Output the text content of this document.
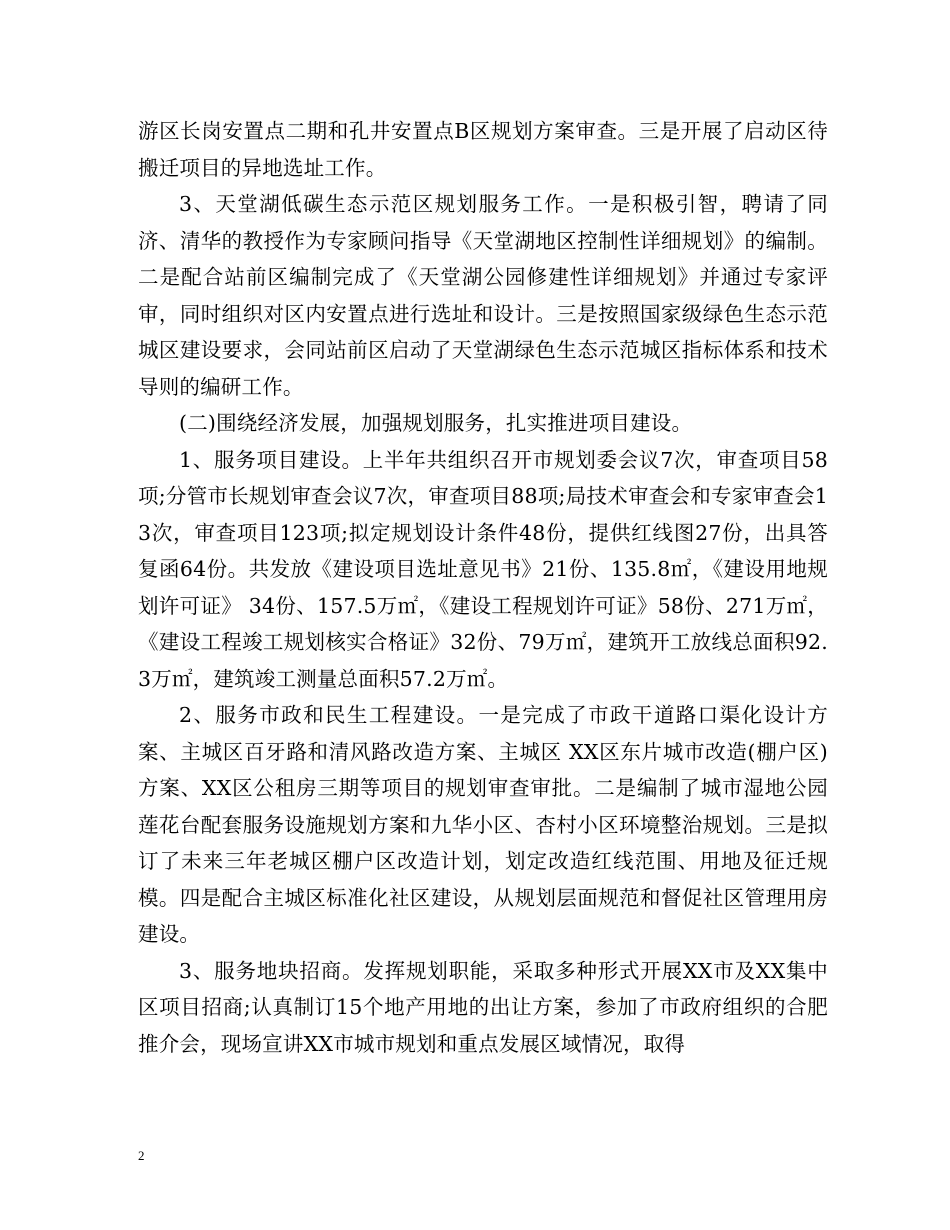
游区长岗安置点二期和孔井安置点B区规划方案审查。三是开展了启动区待搬迁项目的异地选址工作。

3、天堂湖低碳生态示范区规划服务工作。一是积极引智，聘请了同济、清华的教授作为专家顾问指导《天堂湖地区控制性详细规划》的编制。二是配合站前区编制完成了《天堂湖公园修建性详细规划》并通过专家评审，同时组织对区内安置点进行选址和设计。三是按照国家级绿色生态示范城区建设要求，会同站前区启动了天堂湖绿色生态示范城区指标体系和技术导则的编研工作。

(二)围绕经济发展，加强规划服务，扎实推进项目建设。

1、服务项目建设。上半年共组织召开市规划委会议7次，审查项目58项;分管市长规划审查会议7次，审查项目88项;局技术审查会和专家审查会13次，审查项目123项;拟定规划设计条件48份，提供红线图27份，出具答复函64份。共发放《建设项目选址意见书》21份、135.8㎡，《建设用地规划许可证》 34份、157.5万㎡，《建设工程规划许可证》58份、271万㎡，《建设工程竣工规划核实合格证》32份、79万㎡，建筑开工放线总面积92.3万㎡，建筑竣工测量总面积57.2万㎡。

2、服务市政和民生工程建设。一是完成了市政干道路口渠化设计方案、主城区百牙路和清风路改造方案、主城区 XX区东片城市改造(棚户区)方案、XX区公租房三期等项目的规划审查审批。二是编制了城市湿地公园莲花台配套服务设施规划方案和九华小区、杏村小区环境整治规划。三是拟订了未来三年老城区棚户区改造计划，划定改造红线范围、用地及征迁规模。四是配合主城区标准化社区建设，从规划层面规范和督促社区管理用房建设。

3、服务地块招商。发挥规划职能，采取多种形式开展XX市及XX集中区项目招商;认真制订15个地产用地的出让方案，参加了市政府组织的合肥推介会，现场宣讲XX市城市规划和重点发展区域情况，取得

2
